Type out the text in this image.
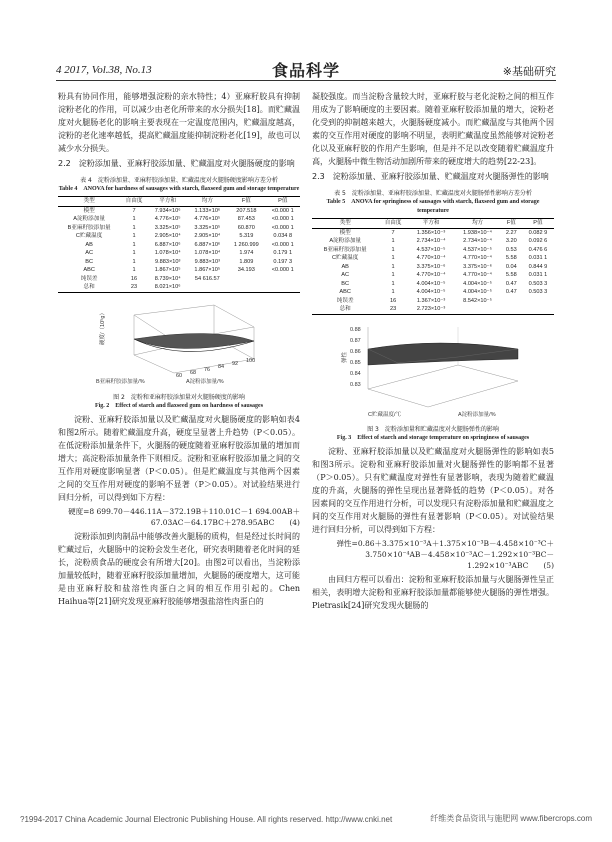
4 2017, Vol.38, No.13	食品科学	※基础研究

粉具有协同作用，能够增强淀粉的亲水特性；4）亚麻籽胶具有抑制淀粉老化的作用，可以减少由老化所带来的水分损失[18]。而贮藏温度对火腿肠老化的影响主要表现在一定温度范围内，贮藏温度越高，淀粉的老化速率越低，提高贮藏温度能抑制淀粉老化[19]，故也可以减少水分损失。

2.2　淀粉添加量、亚麻籽胶添加量、贮藏温度对火腿肠硬度的影响

表 4　淀粉添加量、亚麻籽胶添加量、贮藏温度对火腿肠硬度影响方差分析
Table 4　ANOVA for hardness of sausages with starch, flaxseed gum and storage temperature
类型	自由度	平方和	均方	F值	P值
模型	7	7.934×10⁶	1.133×10⁶	207.518	<0.000 1
A淀粉添加量	1	4.776×10⁵	4.776×10⁵	87.453	<0.000 1
B亚麻籽胶添加量	1	3.325×10⁵	3.325×10⁵	60.870	<0.000 1
C贮藏温度	1	2.905×10⁴	2.905×10⁴	5.319	0.034 8
AB	1	6.887×10⁶	6.887×10⁶	1 260.999	<0.000 1
AC	1	1.078×10⁴	1.078×10⁴	1.974	0.179 1
BC	1	9.883×10³	9.883×10³	1.809	0.197 3
ABC	1	1.867×10⁵	1.867×10⁵	34.193	<0.000 1
纯误差	16	8.739×10⁴	54 616.57		
总和	23	8.021×10⁶			
硬度/（10⁵g）
B亚麻籽胶添加量/%	A淀粉添加量/%
60 68 76 84 92 100
图 2　淀粉和亚麻籽胶添加量对火腿肠硬度的影响
Fig. 2　Effect of starch and flaxseed gum on hardness of sausages

淀粉、亚麻籽胶添加量以及贮藏温度对火腿肠硬度的影响如表4和图2所示。随着贮藏温度升高，硬度呈显著上升趋势（P＜0.05）。在低淀粉添加量条件下，火腿肠的硬度随着亚麻籽胶添加量的增加而增大；高淀粉添加量条件下则相反。淀粉和亚麻籽胶添加量之间的交互作用对硬度影响显著（P＜0.05）。但是贮藏温度与其他两个因素之间的交互作用对硬度的影响不显著（P＞0.05）。对试验结果进行回归分析，可以得到如下方程：

硬度=8 699.70－446.11A－372.19B＋110.01C－1 694.00AB＋67.03AC－64.17BC＋278.95ABC　　(4)

淀粉添加到肉制品中能够改善火腿肠的质构，但是经过长时间的贮藏过后，火腿肠中的淀粉会发生老化，研究表明随着老化时间的延长，淀粉质食品的硬度会有所增大[20]。由图2可以看出，当淀粉添加量较低时，随着亚麻籽胶添加量增加，火腿肠的硬度增大，这可能是由亚麻籽胶和盐溶性肉蛋白之间的相互作用引起的。Chen Haihua等[21]研究发现亚麻籽胶能够增强盐溶性肉蛋白的

凝胶强度。而当淀粉含量较大时，亚麻籽胶与老化淀粉之间的相互作用成为了影响硬度的主要因素。随着亚麻籽胶添加量的增大，淀粉老化受到的抑制越来越大，火腿肠硬度减小。而贮藏温度与其他两个因素的交互作用对硬度的影响不明显，表明贮藏温度虽然能够对淀粉老化以及亚麻籽胶的作用产生影响，但是并不足以改变随着贮藏温度升高，火腿肠中微生物活动加剧所带来的硬度增大的趋势[22-23]。

2.3　淀粉添加量、亚麻籽胶添加量、贮藏温度对火腿肠弹性的影响

表 5　淀粉添加量、亚麻籽胶添加量、贮藏温度对火腿肠弹性影响方差分析
Table 5　ANOVA for springiness of sausages with starch, flaxseed gum and storage temperature
类型	自由度	平方和	均方	F值	P值
模型	7	1.356×10⁻³	1.938×10⁻⁴	2.27	0.082 9
A淀粉添加量	1	2.734×10⁻⁴	2.734×10⁻⁴	3.20	0.092 6
B亚麻籽胶添加量	1	4.537×10⁻⁵	4.537×10⁻⁵	0.53	0.476 6
C贮藏温度	1	4.770×10⁻⁴	4.770×10⁻⁴	5.58	0.031 1
AB	1	3.375×10⁻⁶	3.375×10⁻⁶	0.04	0.844 9
AC	1	4.770×10⁻⁴	4.770×10⁻⁴	5.58	0.031 1
BC	1	4.004×10⁻⁵	4.004×10⁻⁵	0.47	0.503 3
ABC	1	4.004×10⁻⁵	4.004×10⁻⁵	0.47	0.503 3
纯误差	16	1.367×10⁻³	8.542×10⁻⁵		
总和	23	2.723×10⁻³			
弹性
0.88
0.87
0.86
0.85
0.84
0.83
C贮藏温度/℃	A淀粉添加量/%
图 3　淀粉添加量和贮藏温度对火腿肠弹性的影响
Fig. 3　Effect of starch and storage temperature on springiness of sausages

淀粉、亚麻籽胶添加量以及贮藏温度对火腿肠弹性的影响如表5和图3所示。淀粉和亚麻籽胶添加量对火腿肠弹性的影响都不显著（P＞0.05）。只有贮藏温度对弹性有显著影响，表现为随着贮藏温度的升高，火腿肠的弹性呈现出显著降低的趋势（P＜0.05）。对各因素间的交互作用进行分析，可以发现只有淀粉添加量和贮藏温度之间的交互作用对火腿肠的弹性有显著影响（P＜0.05）。对试验结果进行回归分析，可以得到如下方程：

弹性=0.86＋3.375×10⁻³A＋1.375×10⁻³B－4.458×10⁻³C＋3.750×10⁻⁴AB－4.458×10⁻³AC－1.292×10⁻³BC－1.292×10⁻³ABC　　(5)

由回归方程可以看出：淀粉和亚麻籽胶添加量与火腿肠弹性呈正相关，表明增大淀粉和亚麻籽胶添加量都能够使火腿肠的弹性增强。Pietrasik[24]研究发现火腿肠的

?1994-2017 China Academic Journal Electronic Publishing House. All rights reserved. http://www.cnki.net	纤维类食品资讯与施肥网 www.fibercrops.com
